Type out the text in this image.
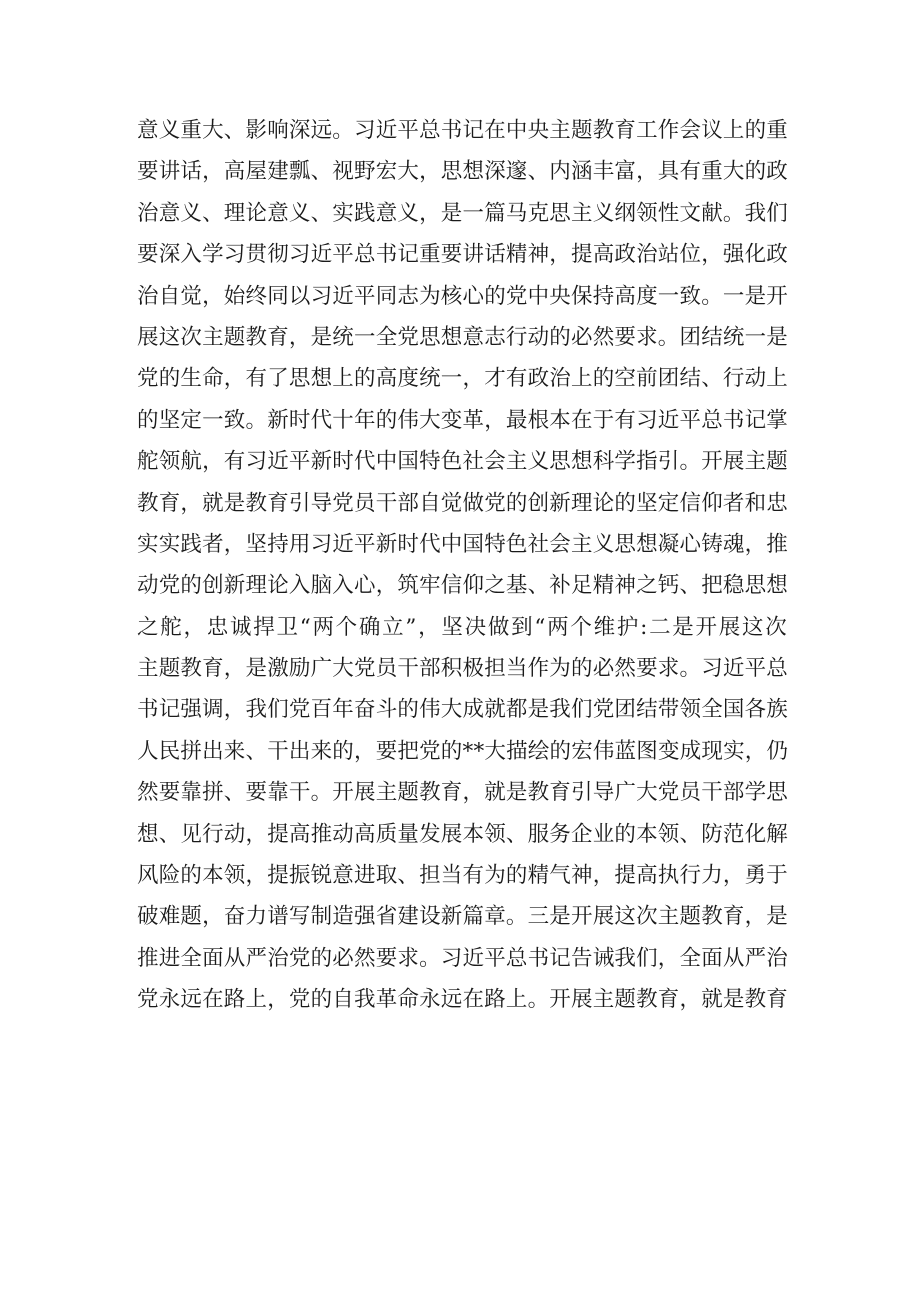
意义重大、影响深远。习近平总书记在中央主题教育工作会议上的重
要讲话，高屋建瓢、视野宏大，思想深邃、内涵丰富，具有重大的政
治意义、理论意义、实践意义，是一篇马克思主义纲领性文献。我们
要深入学习贯彻习近平总书记重要讲话精神，提高政治站位，强化政
治自觉，始终同以习近平同志为核心的党中央保持高度一致。一是开
展这次主题教育，是统一全党思想意志行动的必然要求。团结统一是
党的生命，有了思想上的高度统一，才有政治上的空前团结、行动上
的坚定一致。新时代十年的伟大变革，最根本在于有习近平总书记掌
舵领航，有习近平新时代中国特色社会主义思想科学指引。开展主题
教育，就是教育引导党员干部自觉做党的创新理论的坚定信仰者和忠
实实践者，坚持用习近平新时代中国特色社会主义思想凝心铸魂，推
动党的创新理论入脑入心，筑牢信仰之基、补足精神之钙、把稳思想
之舵，忠诚捍卫“两个确立”，坚决做到“两个维护:二是开展这次
主题教育，是激励广大党员干部积极担当作为的必然要求。习近平总
书记强调，我们党百年奋斗的伟大成就都是我们党团结带领全国各族
人民拼出来、干出来的，要把党的**大描绘的宏伟蓝图变成现实，仍
然要靠拼、要靠干。开展主题教育，就是教育引导广大党员干部学思
想、见行动，提高推动高质量发展本领、服务企业的本领、防范化解
风险的本领，提振锐意进取、担当有为的精气神，提高执行力，勇于
破难题，奋力谱写制造强省建设新篇章。三是开展这次主题教育，是
推进全面从严治党的必然要求。习近平总书记告诫我们，全面从严治
党永远在路上，党的自我革命永远在路上。开展主题教育，就是教育
